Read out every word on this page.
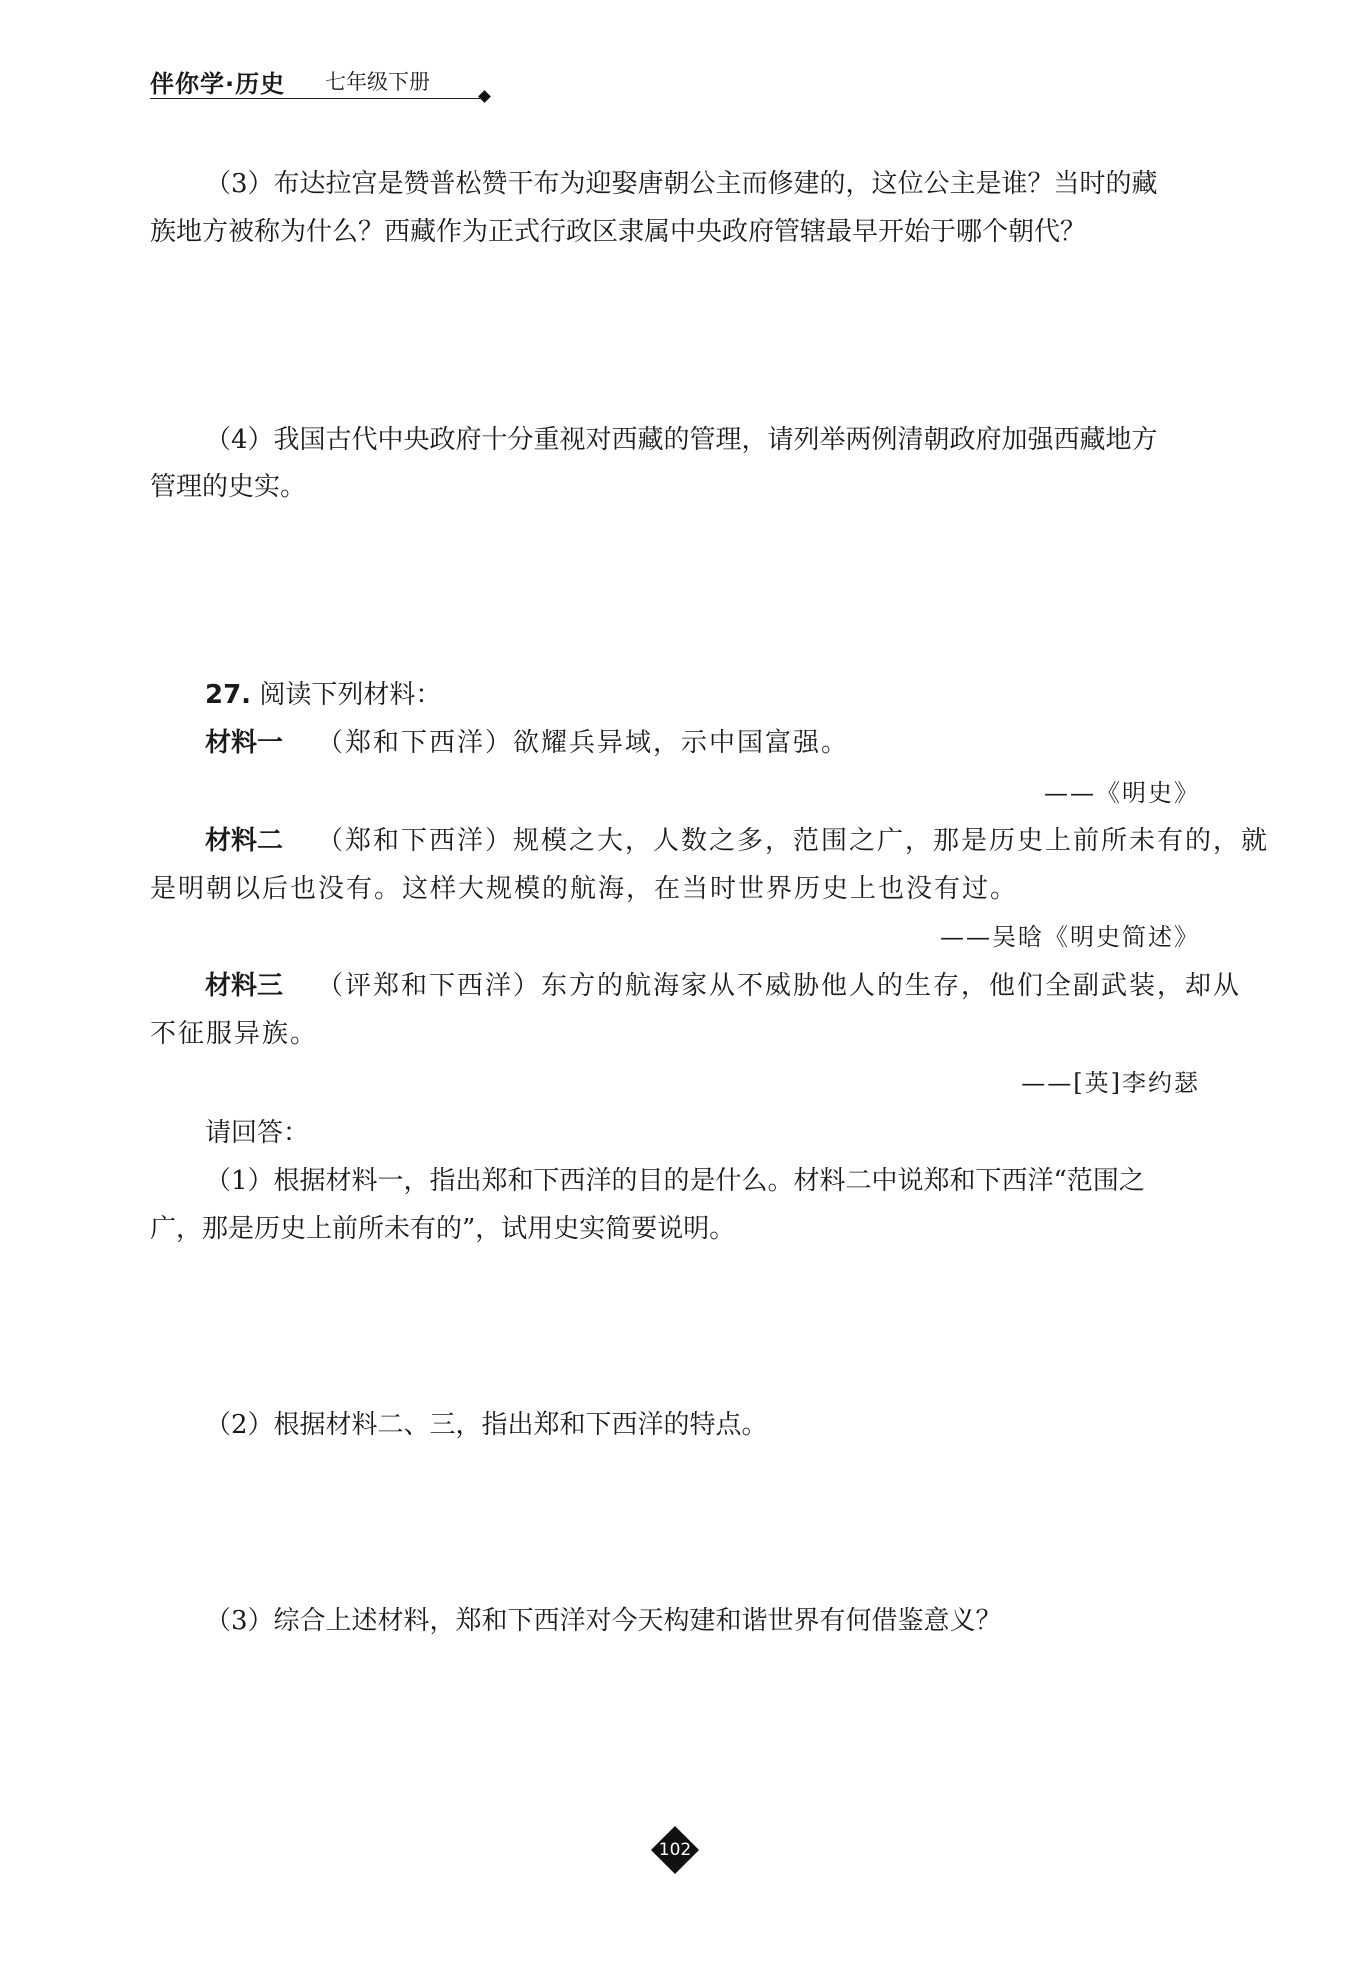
伴你学·历史 七年级下册
（3）布达拉宫是赞普松赞干布为迎娶唐朝公主而修建的，这位公主是谁？当时的藏
族地方被称为什么？西藏作为正式行政区隶属中央政府管辖最早开始于哪个朝代？
（4）我国古代中央政府十分重视对西藏的管理，请列举两例清朝政府加强西藏地方
管理的史实。
27. 阅读下列材料：
材料一 （郑和下西洋）欲耀兵异域，示中国富强。
——《明史》
材料二 （郑和下西洋）规模之大，人数之多，范围之广，那是历史上前所未有的，就
是明朝以后也没有。这样大规模的航海，在当时世界历史上也没有过。
——吴晗《明史简述》
材料三 （评郑和下西洋）东方的航海家从不威胁他人的生存，他们全副武装，却从
不征服异族。
——[英]李约瑟
请回答：
（1）根据材料一，指出郑和下西洋的目的是什么。材料二中说郑和下西洋“范围之
广，那是历史上前所未有的”，试用史实简要说明。
（2）根据材料二、三，指出郑和下西洋的特点。
（3）综合上述材料，郑和下西洋对今天构建和谐世界有何借鉴意义？
102
